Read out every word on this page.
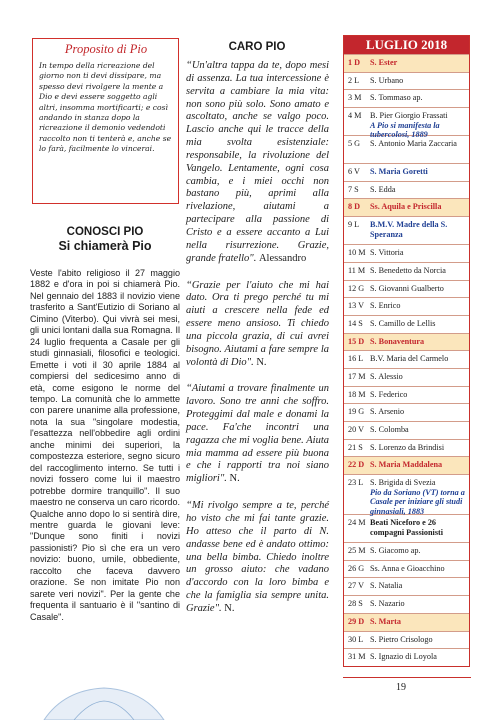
Proposito di Pio

In tempo della ricreazione del giorno non ti devi dissipare, ma spesso devi rivolgere la mente a Dio e devi essere soggetto agli altri, insomma mortificarti; e così andando in stanza dopo la ricreazione il demonio vedendoti raccolto non ti tenterà e, anche se lo farà, facilmente lo vincerai.

CONOSCI PIO
Si chiamerà Pio

Veste l'abito religioso il 27 maggio 1882 e d'ora in poi si chiamerà Pio. Nel gennaio del 1883 il novizio viene trasferito a Sant'Eutizio di Soriano al Cimino (Viterbo). Qui vivrà sei mesi, gli unici lontani dalla sua Romagna. Il 24 luglio frequenta a Casale per gli studi ginnasiali, filosofici e teologici. Emette i voti il 30 aprile 1884 al compiersi del sedicesimo anno di età, come esigono le norme del tempo. La comunità che lo ammette con parere unanime alla professione, nota la sua "singolare modestia, l'esattezza nell'obbedire agli ordini anche minimi dei superiori, la compostezza esteriore, segno sicuro del raccoglimento interno. Se tutti i novizi fossero come lui il maestro potrebbe dormire tranquillo". Il suo maestro ne conserva un caro ricordo. Qualche anno dopo lo si sentirà dire, mentre guarda le giovani leve: "Dunque sono finiti i novizi passionisti? Pio sì che era un vero novizio: buono, umile, obbediente, raccolto che faceva davvero orazione. Se non imitate Pio non sarete veri novizi". Per la gente che frequenta il santuario è il "santino di Casale".

CARO PIO

“Un'altra tappa da te, dopo mesi di assenza. La tua intercessione è servita a cambiare la mia vita: non sono più solo. Sono amato e ascoltato, anche se valgo poco. Lascio anche qui le tracce della mia svolta esistenziale: responsabile, la rivoluzione del Vangelo. Lentamente, ogni cosa cambia, e i miei occhi non bastano più, aprimi alla rivelazione, aiutami a partecipare alla passione di Cristo e a essere accanto a Lui nella risurrezione. Grazie, grande fratello". Alessandro

“Grazie per l'aiuto che mi hai dato. Ora ti prego perché tu mi aiuti a crescere nella fede ed essere meno ansioso. Ti chiedo una piccola grazia, di cui avrei bisogno. Aiutami a fare sempre la volontà di Dio". N.

“Aiutami a trovare finalmente un lavoro. Sono tre anni che soffro. Proteggimi dal male e donami la pace. Fa'che incontri una ragazza che mi voglia bene. Aiuta mia mamma ad essere più buona e che i rapporti tra noi siano migliori". N.

“Mi rivolgo sempre a te, perché ho visto che mi fai tante grazie. Ho atteso che il parto di N. andasse bene ed è andato ottimo: una bella bimba. Chiedo inoltre un grosso aiuto: che vadano d'accordo con la loro bimba e che la famiglia sia sempre unita. Grazie". N.

LUGLIO 2018
1 D	S. Ester
2 L	S. Urbano
3 M	S. Tommaso ap.
4 M	B. Pier Giorgio Frassati
A Pio si manifesta la tubercolosi, 1889
5 G	S. Antonio Maria Zaccaria
6 V	S. Maria Goretti
7 S	S. Edda
8 D	Ss. Aquila e Priscilla
9 L	B.M.V. Madre della S. Speranza
10 M S. Vittoria
11 M S. Benedetto da Norcia
12 G S. Giovanni Gualberto
13 V S. Enrico
14 S S. Camillo de Lellis
15 D S. Bonaventura
16 L B.V. Maria del Carmelo
17 M S. Alessio
18 M S. Federico
19 G S. Arsenio
20 V S. Colomba
21 S S. Lorenzo da Brindisi
22 D S. Maria Maddalena
23 L S. Brigida di Svezia
Pio da Soriano (VT) torna a Casale per iniziare gli studi ginnasiali, 1883
24 M Beati Niceforo e 26 compagni Passionisti
25 M S. Giacomo ap.
26 G Ss. Anna e Gioacchino
27 V S. Natalia
28 S S. Nazario
29 D S. Marta
30 L S. Pietro Crisologo
31 M S. Ignazio di Loyola
19
